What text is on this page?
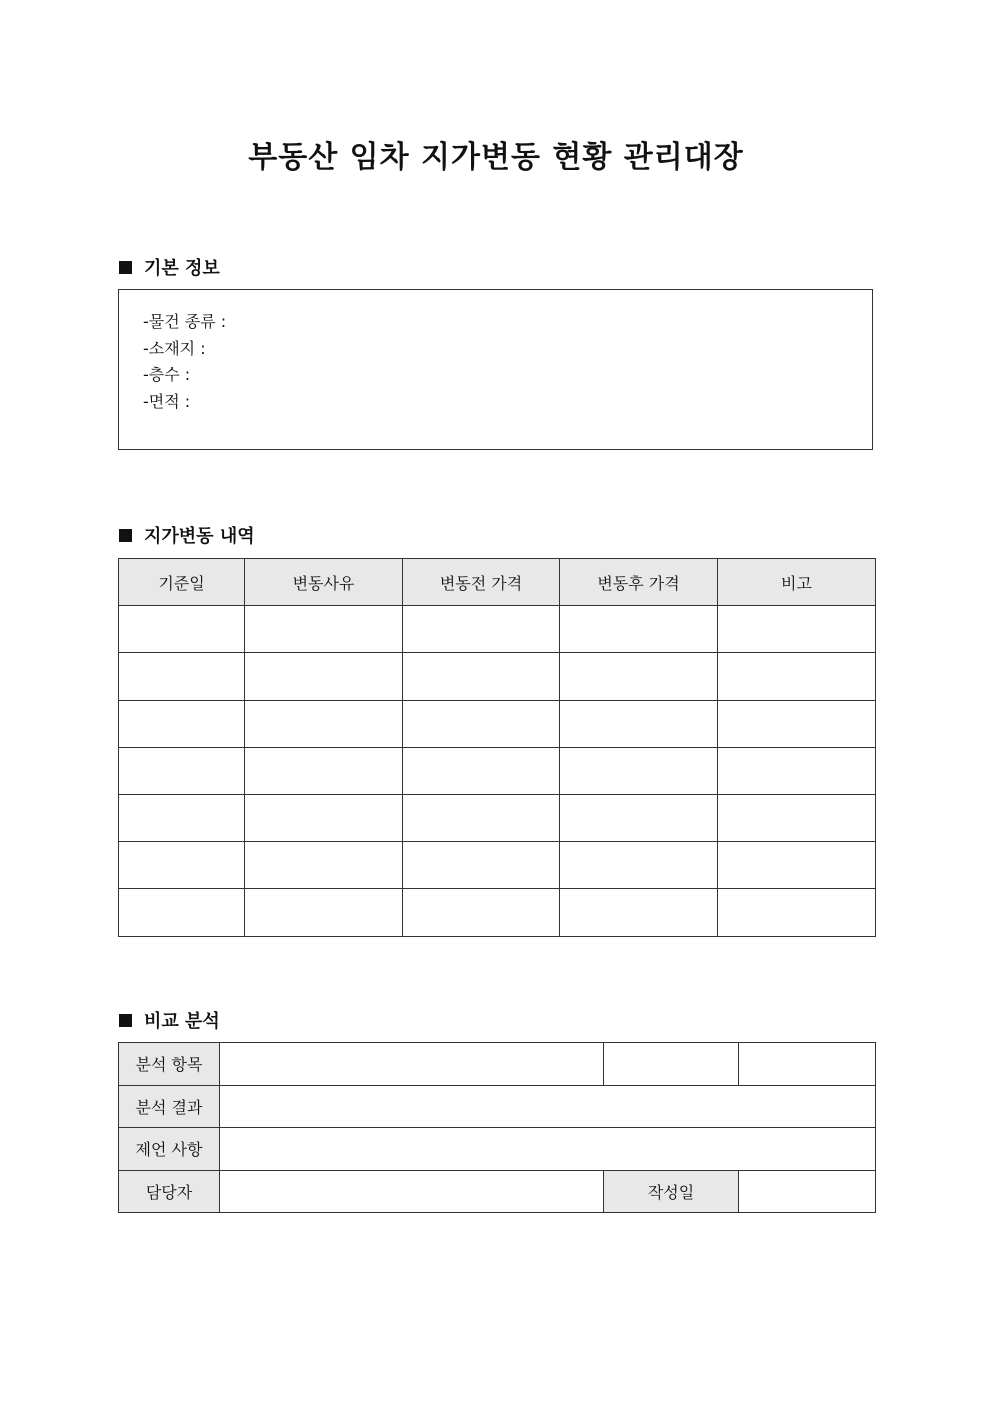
부동산 임차 지가변동 현황 관리대장
기본 정보
-물건 종류 :
-소재지 :
-층수 :
-면적 :
지가변동 내역
기준일	변동사유	변동전 가격	변동후 가격	비고

비교 분석
분석 항목			
분석 결과			
제언 사항			
담당자		작성일	
